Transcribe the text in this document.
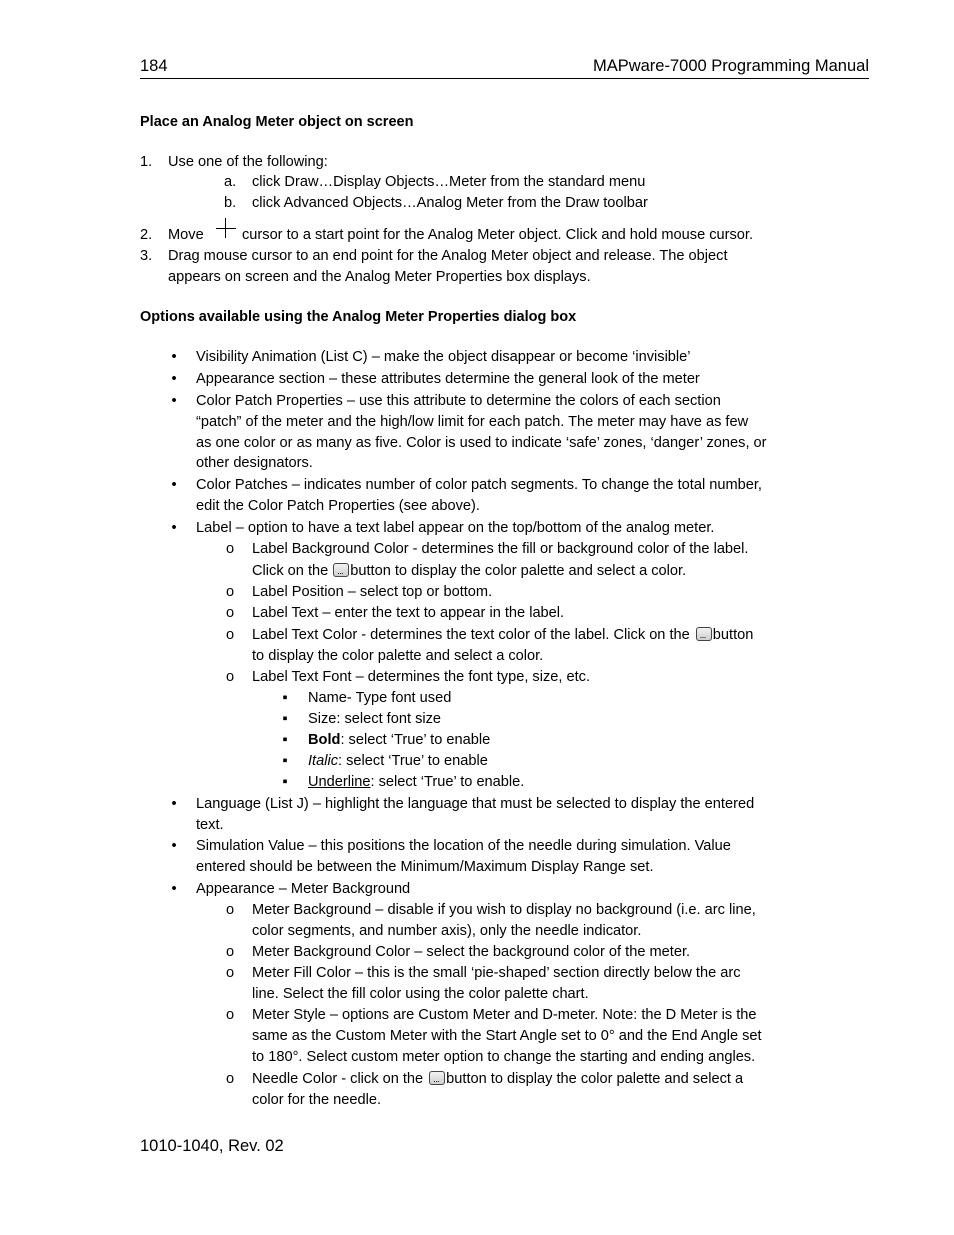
184	MAPware-7000 Programming Manual
Place an Analog Meter object on screen
1. Use one of the following:
a. click Draw…Display Objects…Meter from the standard menu
b. click Advanced Objects…Analog Meter from the Draw toolbar
2. Move	cursor to a start point for the Analog Meter object. Click and hold mouse cursor.
3. Drag mouse cursor to an end point for the Analog Meter object and release. The object
appears on screen and the Analog Meter Properties box displays.
Options available using the Analog Meter Properties dialog box
•	Visibility Animation (List C) – make the object disappear or become ‘invisible’
•	Appearance section – these attributes determine the general look of the meter
•	Color Patch Properties – use this attribute to determine the colors of each section
“patch” of the meter and the high/low limit for each patch. The meter may have as few
as one color or as many as five. Color is used to indicate ‘safe’ zones, ‘danger’ zones, or
other designators.
•	Color Patches – indicates number of color patch segments. To change the total number,
edit the Color Patch Properties (see above).
•	Label – option to have a text label appear on the top/bottom of the analog meter.
o Label Background Color - determines the fill or background color of the label.
Click on the ... button to display the color palette and select a color.
o Label Position – select top or bottom.
o Label Text – enter the text to appear in the label.
o Label Text Color - determines the text color of the label. Click on the ... button
to display the color palette and select a color.
o Label Text Font – determines the font type, size, etc.
▪	Name- Type font used
▪	Size: select font size
▪	Bold: select ‘True’ to enable
▪	Italic: select ‘True’ to enable
▪	Underline: select ‘True’ to enable.
•	Language (List J) – highlight the language that must be selected to display the entered
text.
•	Simulation Value – this positions the location of the needle during simulation. Value
entered should be between the Minimum/Maximum Display Range set.
•	Appearance – Meter Background
o Meter Background – disable if you wish to display no background (i.e. arc line,
color segments, and number axis), only the needle indicator.
o Meter Background Color – select the background color of the meter.
o Meter Fill Color – this is the small ‘pie-shaped’ section directly below the arc
line. Select the fill color using the color palette chart.
o Meter Style – options are Custom Meter and D-meter. Note: the D Meter is the
same as the Custom Meter with the Start Angle set to 0° and the End Angle set
to 180°. Select custom meter option to change the starting and ending angles.
o Needle Color - click on the ... button to display the color palette and select a
color for the needle.
1010-1040, Rev. 02
